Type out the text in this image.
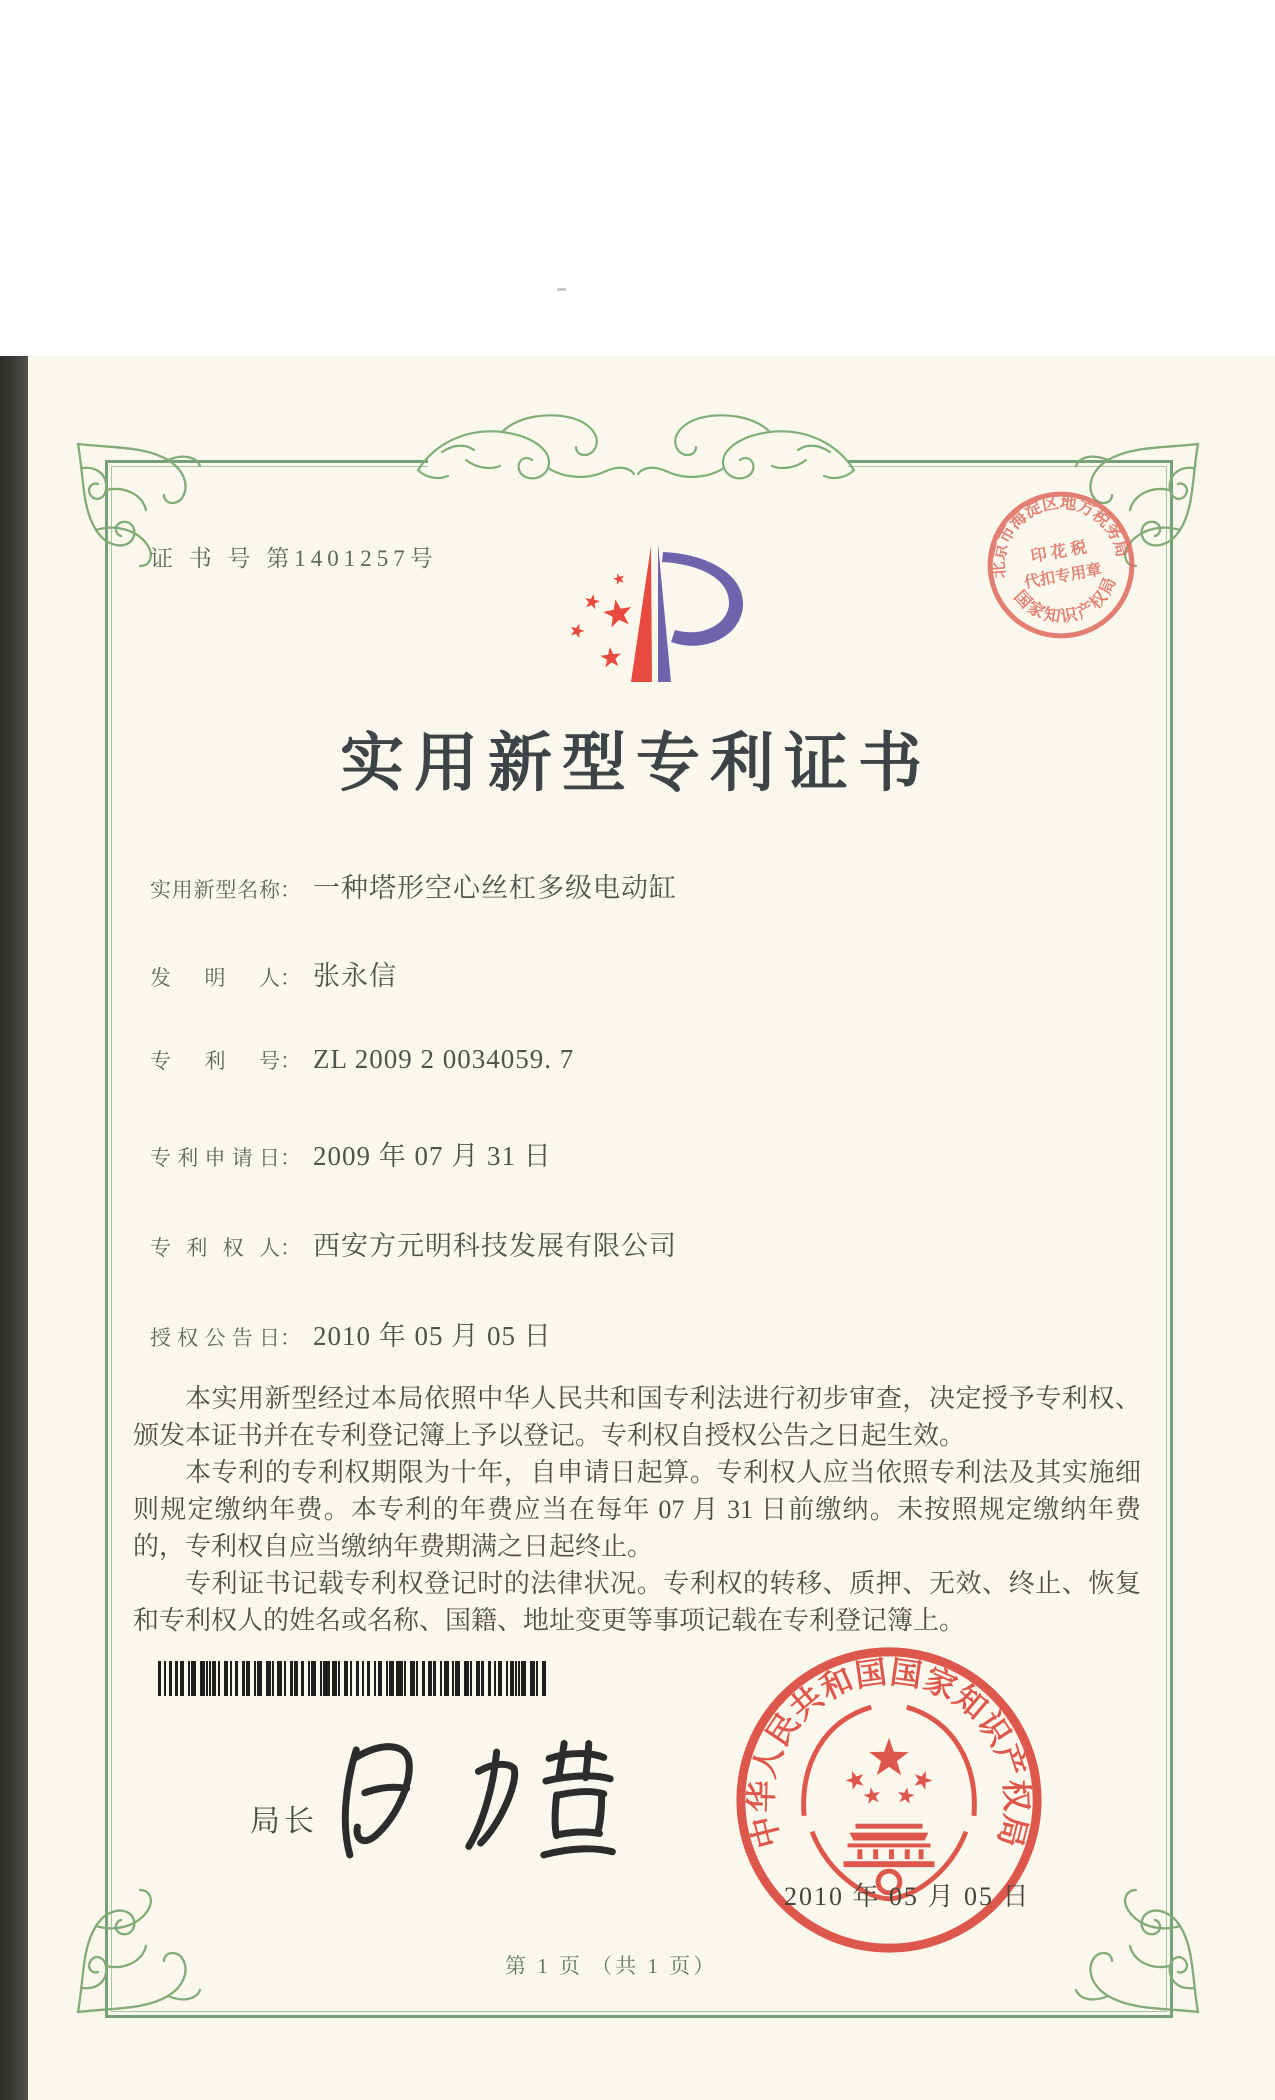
证 书 号 第1401257号
实用新型专利证书
实用新型名称： 一种塔形空心丝杠多级电动缸
发明人： 张永信
专利号： ZL 2009 2 0034059. 7
专利申请日： 2009 年 07 月 31 日
专利权人： 西安方元明科技发展有限公司
授权公告日： 2010 年 05 月 05 日

本实用新型经过本局依照中华人民共和国专利法进行初步审查，决定授予专利权、颁发本证书并在专利登记簿上予以登记。专利权自授权公告之日起生效。

本专利的专利权期限为十年，自申请日起算。专利权人应当依照专利法及其实施细则规定缴纳年费。本专利的年费应当在每年 07 月 31 日前缴纳。未按照规定缴纳年费的，专利权自应当缴纳年费期满之日起终止。

专利证书记载专利权登记时的法律状况。专利权的转移、质押、无效、终止、恢复和专利权人的姓名或名称、国籍、地址变更等事项记载在专利登记簿上。

局长	中华人民共和国国家知识产权局
2010 年 05 月 05 日
北京市海淀区地方税务局
国家知识产权局
印 花 税
代扣专用章
第 1 页 （共 1 页）
